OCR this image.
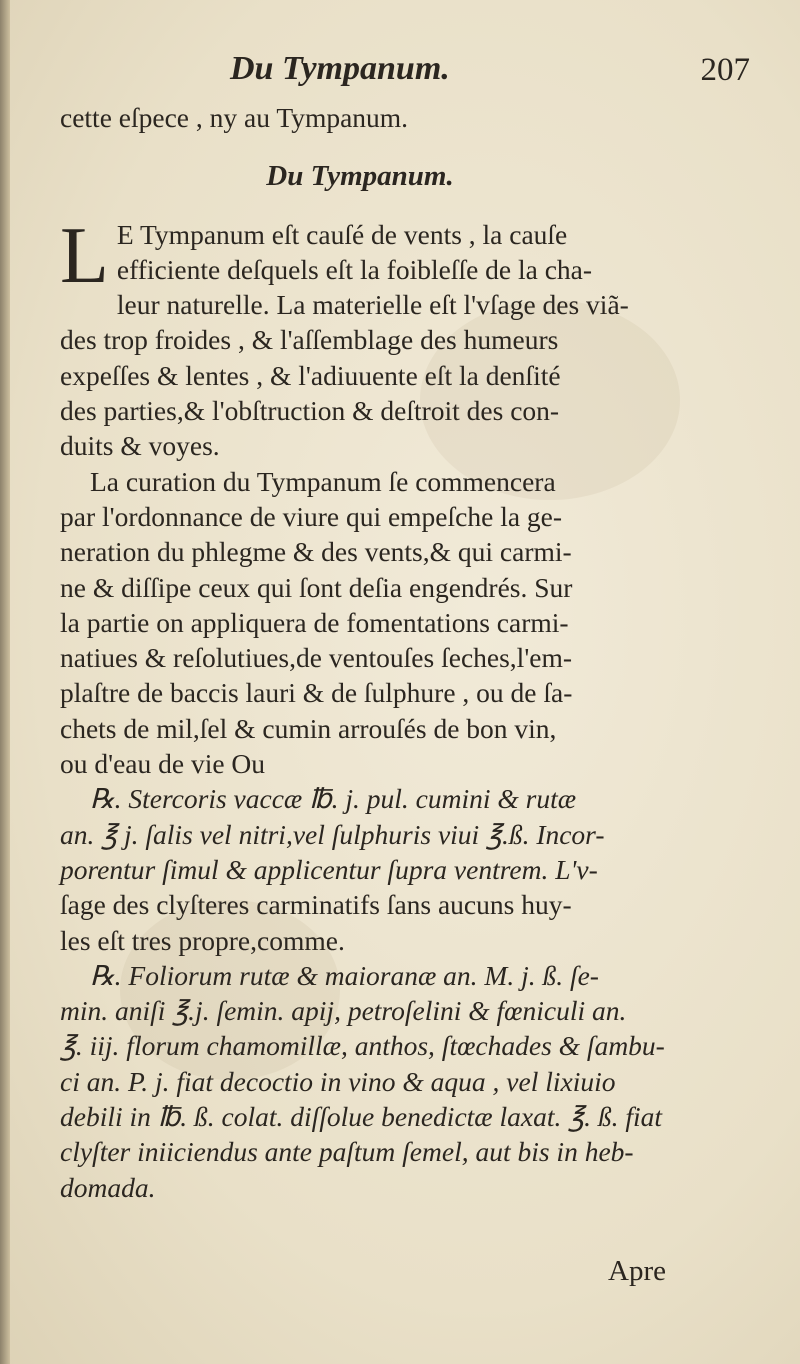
Du Tympanum.	207
cette eſpece , ny au Tympanum.
Du Tympanum.
L E Tympanum eſt cauſé de vents , la cauſe
efficiente deſquels eſt la foibleſſe de la cha-
leur naturelle. La materielle eſt l'vſage des viã-
des trop froides , & l'aſſemblage des humeurs
expeſſes & lentes , & l'adiuuente eſt la denſité
des parties,& l'obſtruction & deſtroit des con-
duits & voyes.
La curation du Tympanum ſe commencera
par l'ordonnance de viure qui empeſche la ge-
neration du phlegme & des vents,& qui carmi-
ne & diſſipe ceux qui ſont deſia engendrés. Sur
la partie on appliquera de fomentations carmi-
natiues & reſolutiues,de ventouſes ſeches,l'em-
plaſtre de baccis lauri & de ſulphure , ou de ſa-
chets de mil,ſel & cumin arrouſés de bon vin,
ou d'eau de vie Ou
℞. Stercoris vaccæ ℔. j. pul. cumini & rutæ
an. ℥ j. ſalis vel nitri,vel ſulphuris viui ℥.ß. Incor-
porentur ſimul & applicentur ſupra ventrem. L'v-
ſage des clyſteres carminatifs ſans aucuns huy-
les eſt tres propre,comme.
℞. Foliorum rutæ & maioranæ an. M. j. ß. ſe-
min. aniſi ℥.j. ſemin. apij, petroſelini & fœniculi an.
℥. iij. florum chamomillæ, anthos, ſtœchades & ſambu-
ci an. P. j. fiat decoctio in vino & aqua , vel lixiuio
debili in ℔. ß. colat. diſſolue benedictæ laxat. ℥. ß. fiat
clyſter iniiciendus ante paſtum ſemel, aut bis in heb-
domada.
Apre
